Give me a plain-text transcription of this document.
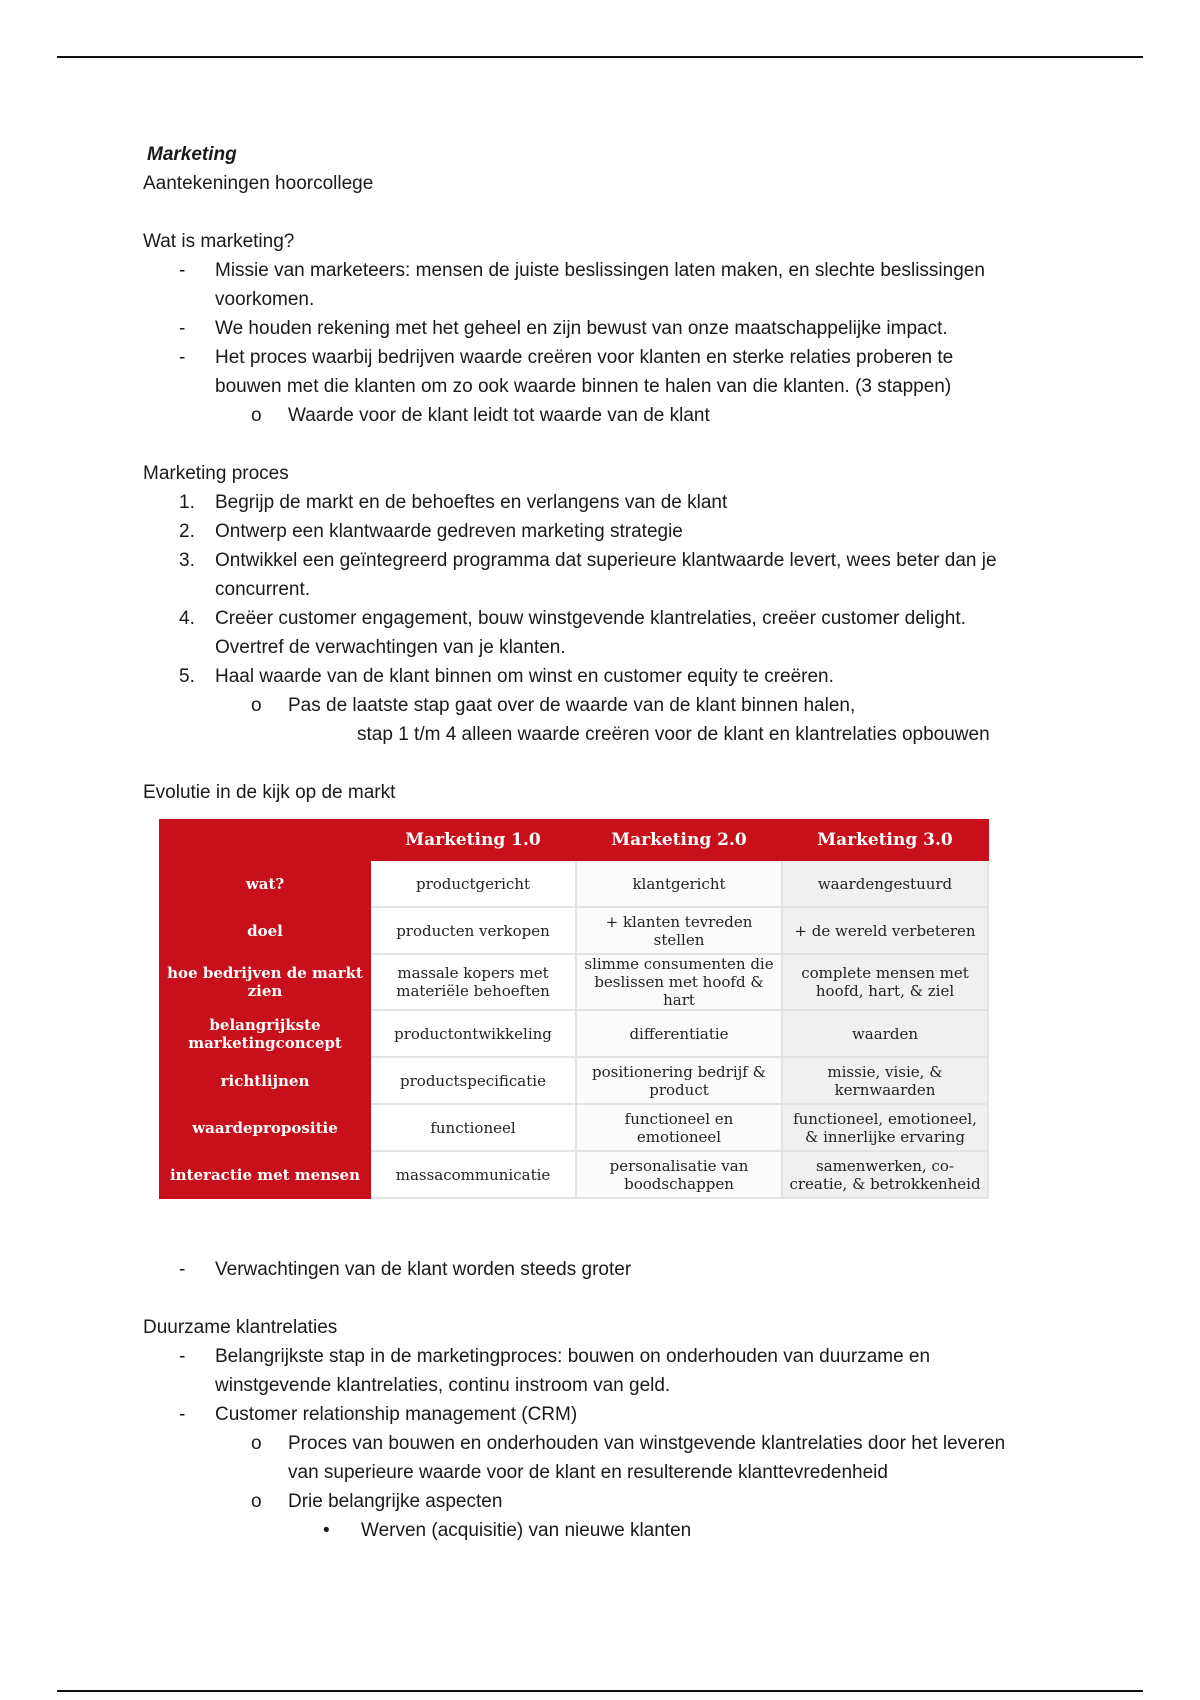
Marketing
Aantekeningen hoorcollege
Wat is marketing?
- Missie van marketeers: mensen de juiste beslissingen laten maken, en slechte beslissingen
voorkomen.
- We houden rekening met het geheel en zijn bewust van onze maatschappelijke impact.
- Het proces waarbij bedrijven waarde creëren voor klanten en sterke relaties proberen te
bouwen met die klanten om zo ook waarde binnen te halen van die klanten. (3 stappen)
o Waarde voor de klant leidt tot waarde van de klant
Marketing proces
1. Begrijp de markt en de behoeftes en verlangens van de klant
2. Ontwerp een klantwaarde gedreven marketing strategie
3. Ontwikkel een geïntegreerd programma dat superieure klantwaarde levert, wees beter dan je
concurrent.
4. Creëer customer engagement, bouw winstgevende klantrelaties, creëer customer delight.
Overtref de verwachtingen van je klanten.
5. Haal waarde van de klant binnen om winst en customer equity te creëren.
o Pas de laatste stap gaat over de waarde van de klant binnen halen,
stap 1 t/m 4 alleen waarde creëren voor de klant en klantrelaties opbouwen
Evolutie in de kijk op de markt
	Marketing 1.0	Marketing 2.0	Marketing 3.0
wat?	productgericht	klantgericht	waardengestuurd
doel	producten verkopen	+ klanten tevreden stellen	+ de wereld verbeteren
hoe bedrijven de markt zien	massale kopers met materiële behoeften	slimme consumenten die beslissen met hoofd & hart	complete mensen met hoofd, hart, & ziel
belangrijkste marketingconcept	productontwikkeling	differentiatie	waarden
richtlijnen	productspecificatie	positionering bedrijf & product	missie, visie, & kernwaarden
waardepropositie	functioneel	functioneel en emotioneel	functioneel, emotioneel, & innerlijke ervaring
interactie met mensen	massacommunicatie	personalisatie van boodschappen	samenwerken, co-creatie, & betrokkenheid
- Verwachtingen van de klant worden steeds groter
Duurzame klantrelaties
- Belangrijkste stap in de marketingproces: bouwen on onderhouden van duurzame en
winstgevende klantrelaties, continu instroom van geld.
- Customer relationship management (CRM)
o Proces van bouwen en onderhouden van winstgevende klantrelaties door het leveren
van superieure waarde voor de klant en resulterende klanttevredenheid
o Drie belangrijke aspecten
• Werven (acquisitie) van nieuwe klanten
